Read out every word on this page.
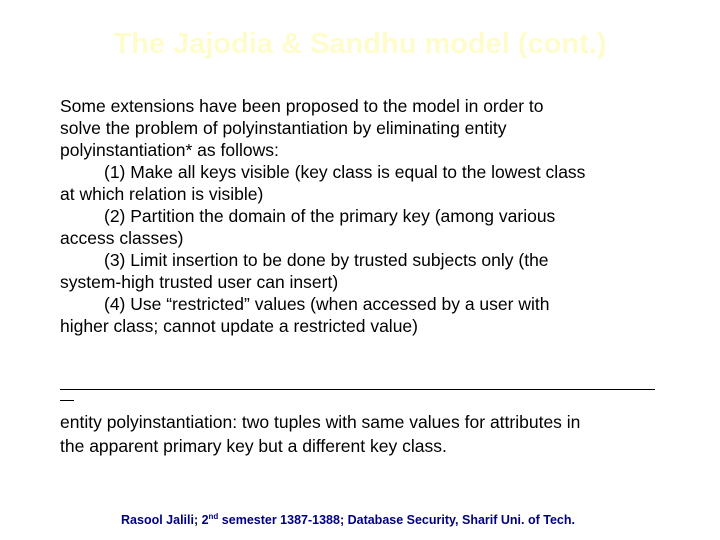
The Jajodia & Sandhu model (cont.)
Some extensions have been proposed to the model in order to
solve the problem of polyinstantiation by eliminating entity
polyinstantiation* as follows:
(1) Make all keys visible (key class is equal to the lowest class
at which relation is visible)
(2) Partition the domain of the primary key (among various
access classes)
(3) Limit insertion to be done by trusted subjects only (the
system-high trusted user can insert)
(4) Use “restricted” values (when accessed by a user with
higher class; cannot update a restricted value)
entity polyinstantiation: two tuples with same values for attributes in
the apparent primary key but a different key class.
Rasool Jalili; 2nd semester 1387-1388; Database Security, Sharif Uni. of Tech.
